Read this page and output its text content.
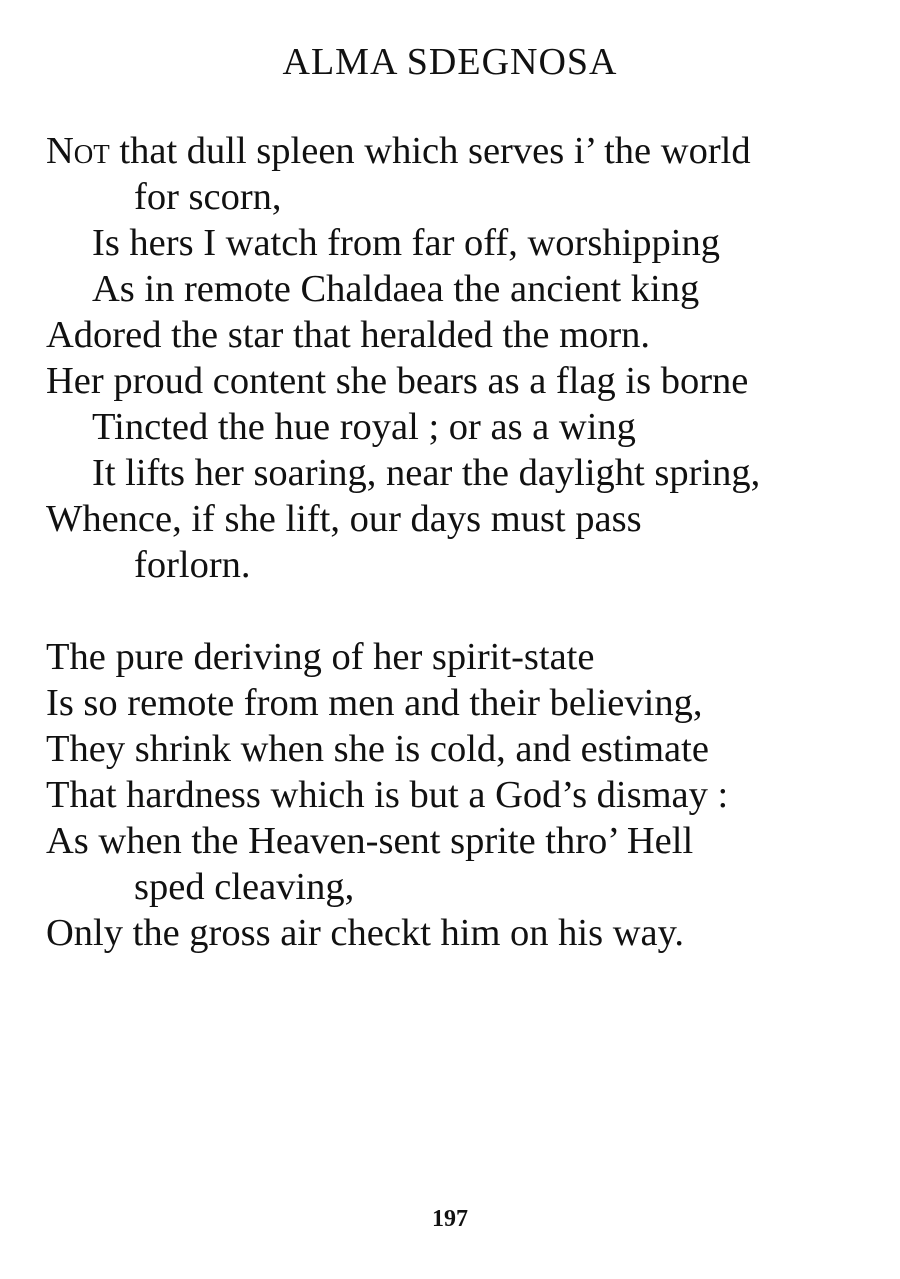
ALMA SDEGNOSA
Not that dull spleen which serves i’ the world
for scorn,
Is hers I watch from far off, worshipping
As in remote Chaldaea the ancient king
Adored the star that heralded the morn.
Her proud content she bears as a flag is borne
Tincted the hue royal ; or as a wing
It lifts her soaring, near the daylight spring,
Whence, if she lift, our days must pass
forlorn.
The pure deriving of her spirit-state
Is so remote from men and their believing,
They shrink when she is cold, and estimate
That hardness which is but a God’s dismay :
As when the Heaven-sent sprite thro’ Hell
sped cleaving,
Only the gross air checkt him on his way.
197
